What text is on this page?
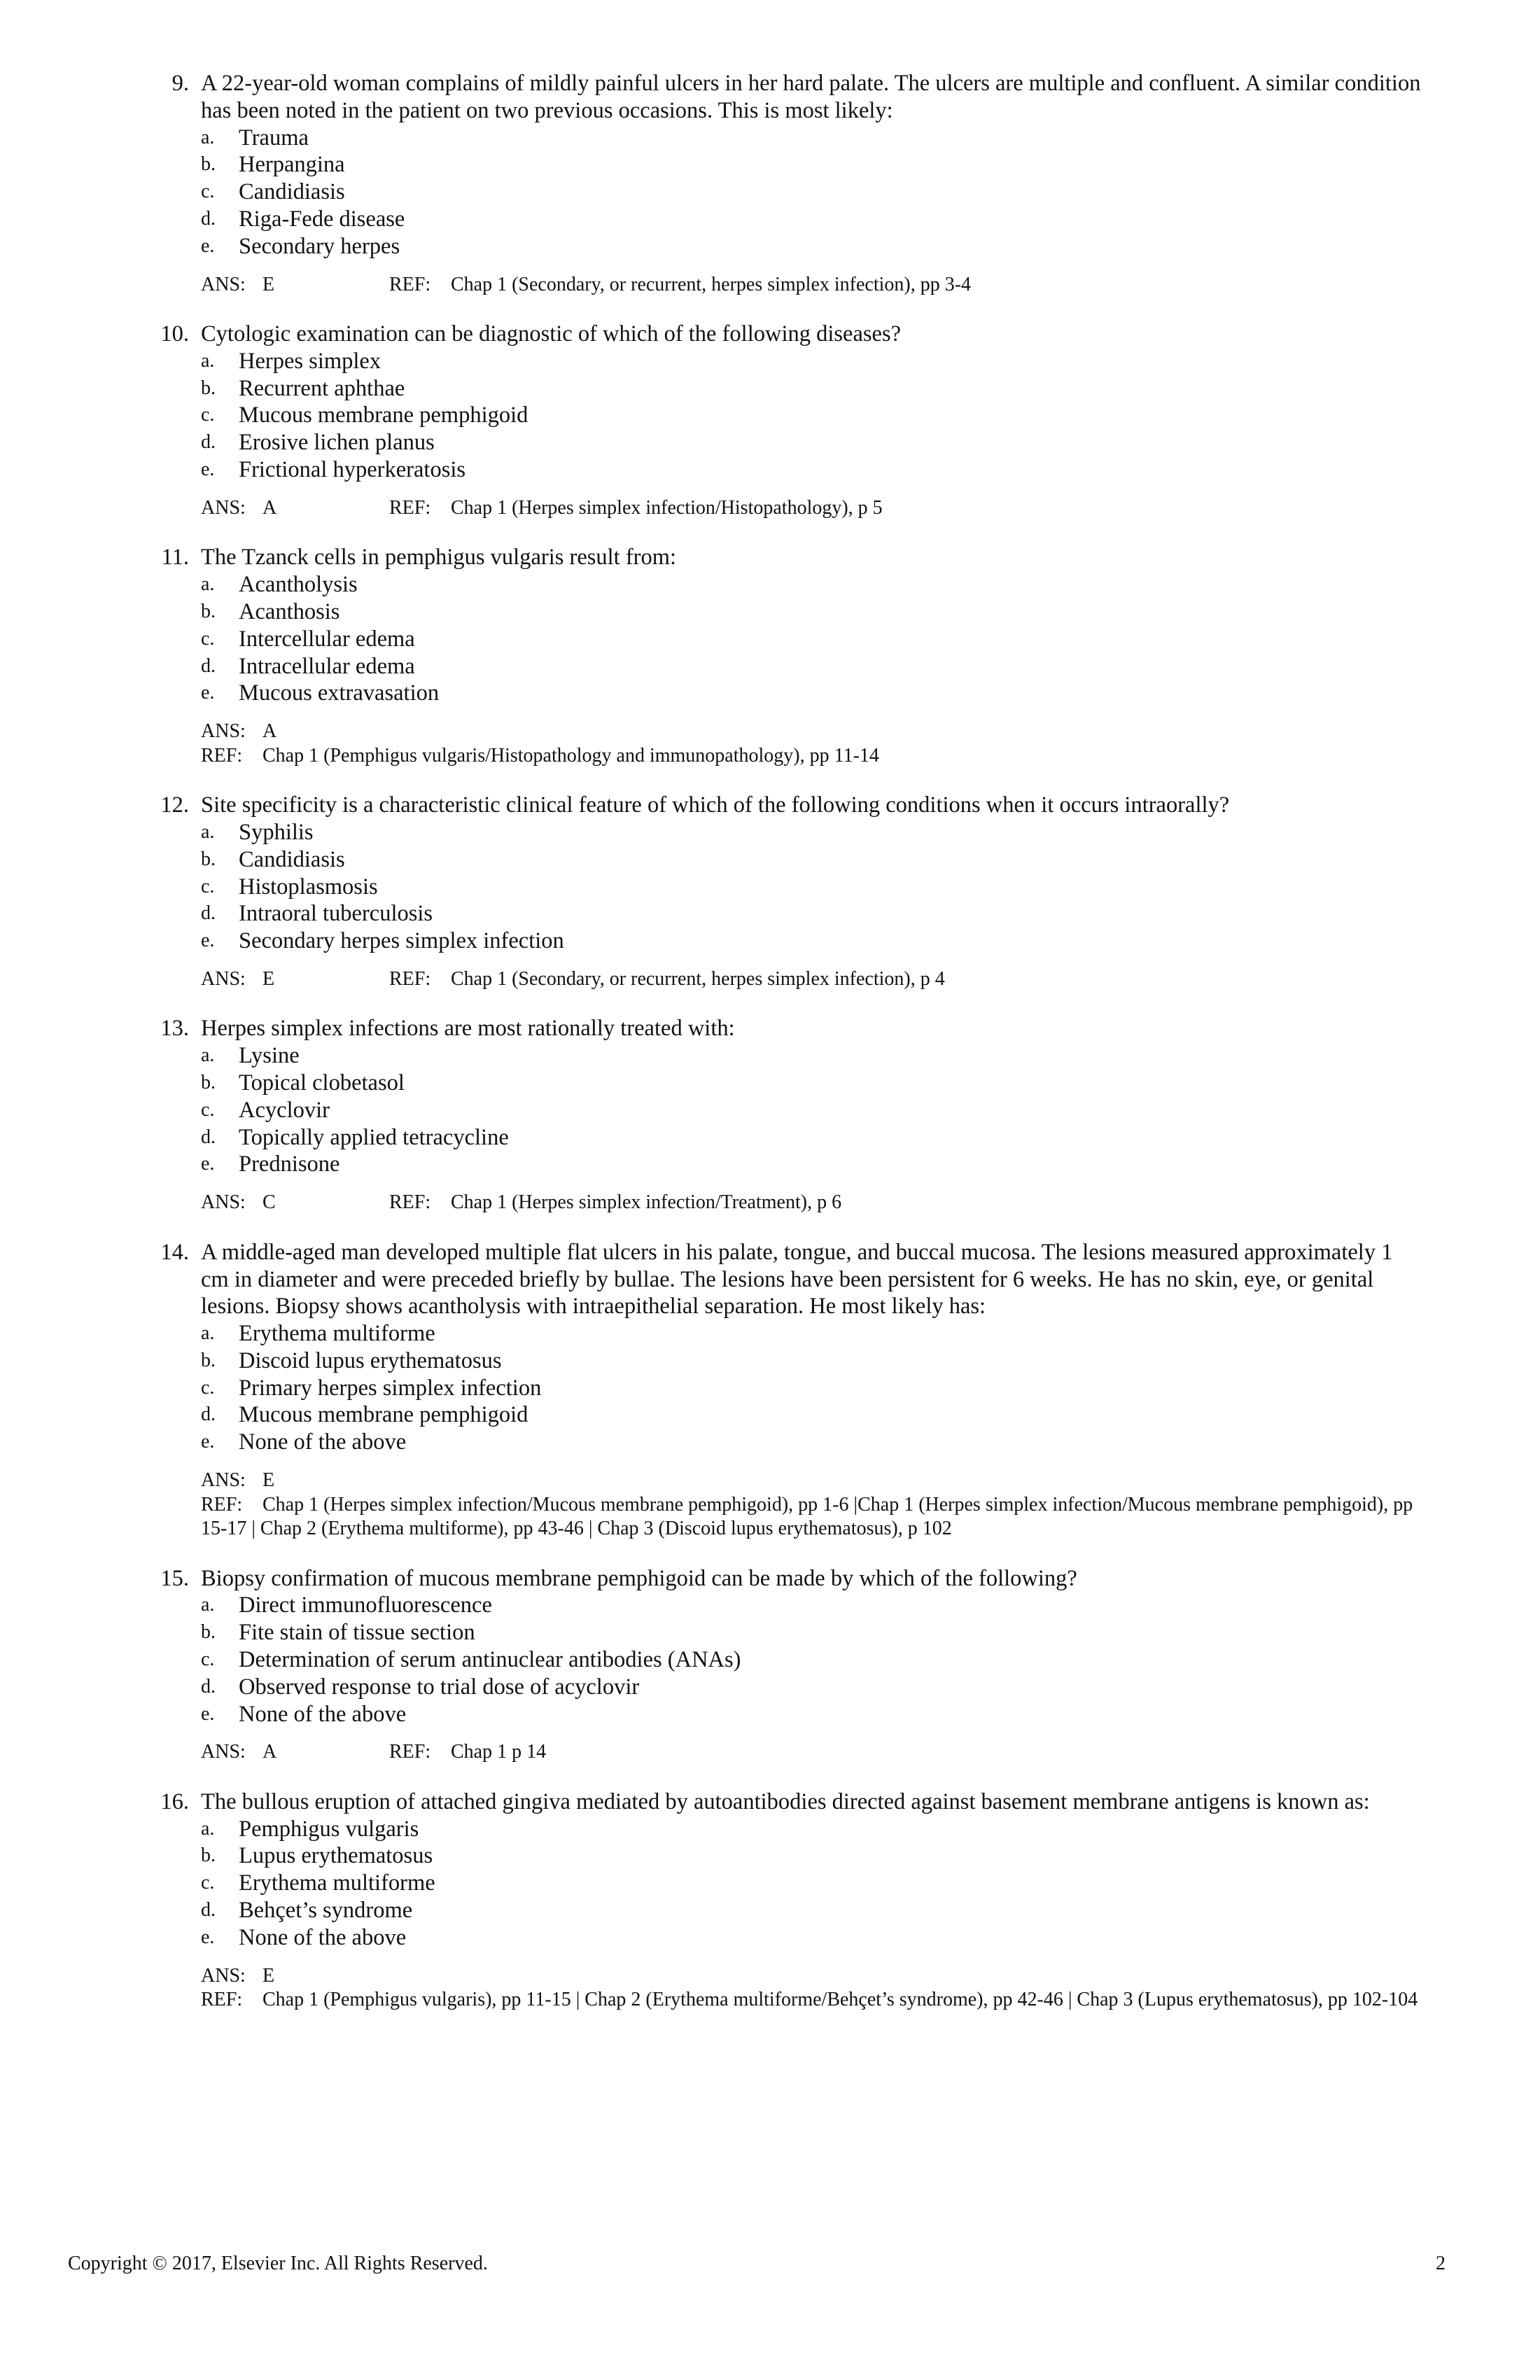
9. A 22-year-old woman complains of mildly painful ulcers in her hard palate. The ulcers are multiple and confluent. A similar condition has been noted in the patient on two previous occasions. This is most likely:
a. Trauma
b. Herpangina
c. Candidiasis
d. Riga-Fede disease
e. Secondary herpes
ANS: E	REF: Chap 1 (Secondary, or recurrent, herpes simplex infection), pp 3-4
10. Cytologic examination can be diagnostic of which of the following diseases?
a. Herpes simplex
b. Recurrent aphthae
c. Mucous membrane pemphigoid
d. Erosive lichen planus
e. Frictional hyperkeratosis
ANS: A	REF: Chap 1 (Herpes simplex infection/Histopathology), p 5
11. The Tzanck cells in pemphigus vulgaris result from:
a. Acantholysis
b. Acanthosis
c. Intercellular edema
d. Intracellular edema
e. Mucous extravasation
ANS: A
REF: Chap 1 (Pemphigus vulgaris/Histopathology and immunopathology), pp 11-14
12. Site specificity is a characteristic clinical feature of which of the following conditions when it occurs intraorally?
a. Syphilis
b. Candidiasis
c. Histoplasmosis
d. Intraoral tuberculosis
e. Secondary herpes simplex infection
ANS: E	REF: Chap 1 (Secondary, or recurrent, herpes simplex infection), p 4
13. Herpes simplex infections are most rationally treated with:
a. Lysine
b. Topical clobetasol
c. Acyclovir
d. Topically applied tetracycline
e. Prednisone
ANS: C	REF: Chap 1 (Herpes simplex infection/Treatment), p 6
14. A middle-aged man developed multiple flat ulcers in his palate, tongue, and buccal mucosa. The lesions measured approximately 1 cm in diameter and were preceded briefly by bullae. The lesions have been persistent for 6 weeks. He has no skin, eye, or genital lesions. Biopsy shows acantholysis with intraepithelial separation. He most likely has:
a. Erythema multiforme
b. Discoid lupus erythematosus
c. Primary herpes simplex infection
d. Mucous membrane pemphigoid
e. None of the above
ANS: E
REF: Chap 1 (Herpes simplex infection/Mucous membrane pemphigoid), pp 1-6 |Chap 1 (Herpes simplex infection/Mucous membrane pemphigoid), pp 15-17 | Chap 2 (Erythema multiforme), pp 43-46 | Chap 3 (Discoid lupus erythematosus), p 102
15. Biopsy confirmation of mucous membrane pemphigoid can be made by which of the following?
a. Direct immunofluorescence
b. Fite stain of tissue section
c. Determination of serum antinuclear antibodies (ANAs)
d. Observed response to trial dose of acyclovir
e. None of the above
ANS: A	REF: Chap 1 p 14
16. The bullous eruption of attached gingiva mediated by autoantibodies directed against basement membrane antigens is known as:
a. Pemphigus vulgaris
b. Lupus erythematosus
c. Erythema multiforme
d. Behçet’s syndrome
e. None of the above
ANS: E
REF: Chap 1 (Pemphigus vulgaris), pp 11-15 | Chap 2 (Erythema multiforme/Behçet’s syndrome), pp 42-46 | Chap 3 (Lupus erythematosus), pp 102-104
Copyright © 2017, Elsevier Inc. All Rights Reserved.	2
